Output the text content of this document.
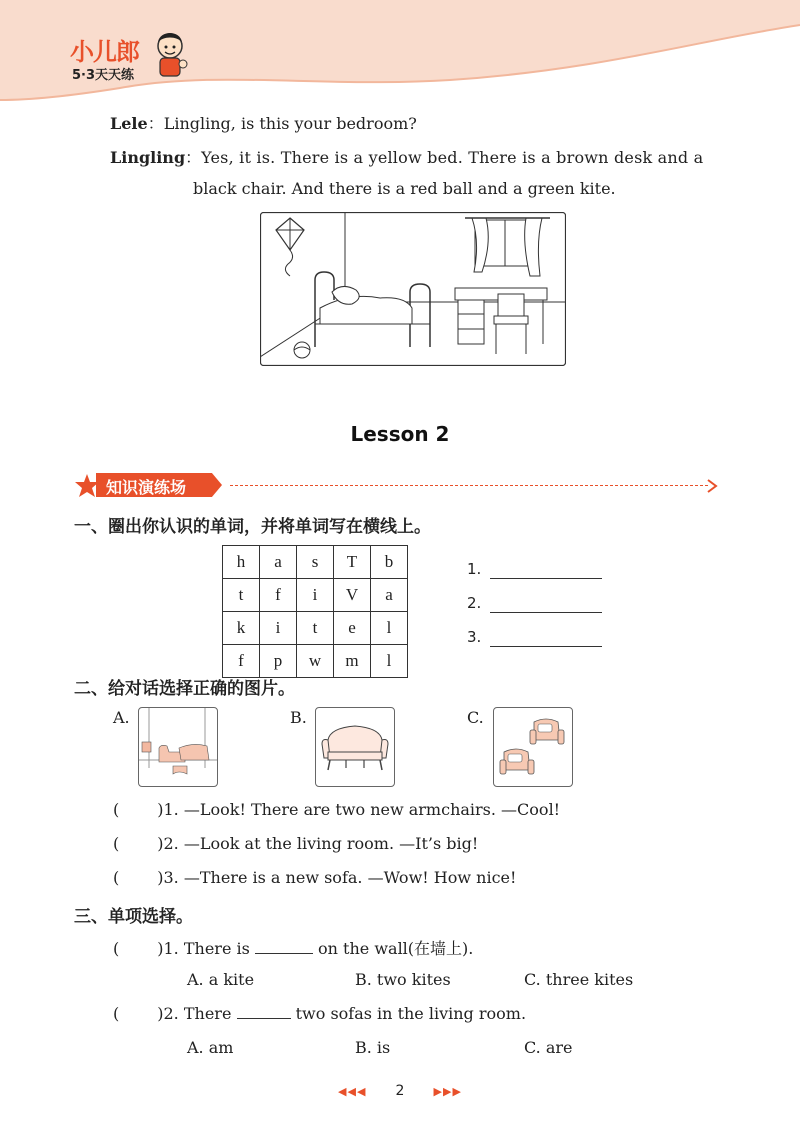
小儿郎
5·3天天练
Lele：Lingling, is this your bedroom?
Lingling：Yes, it is. There is a yellow bed. There is a brown desk and a
black chair. And there is a red ball and a green kite.
Lesson 2
知识演练场
一、圈出你认识的单词，并将单词写在横线上。
h	a	s	T	b
t	f	i	V	a
k	i	t	e	l
f	p	w	m	l
1.
2.
3.
二、给对话选择正确的图片。
A.	B.	C.
( )1. —Look! There are two new armchairs. —Cool!
( )2. —Look at the living room. —It’s big!
( )3. —There is a new sofa. —Wow! How nice!
三、单项选择。
( )1. There is	on the wall(在墙上).
A. a kite	B. two kites	C. three kites
( )2. There	two sofas in the living room.
A. am	B. is	C. are
◀◀◀ 2	▶▶▶
